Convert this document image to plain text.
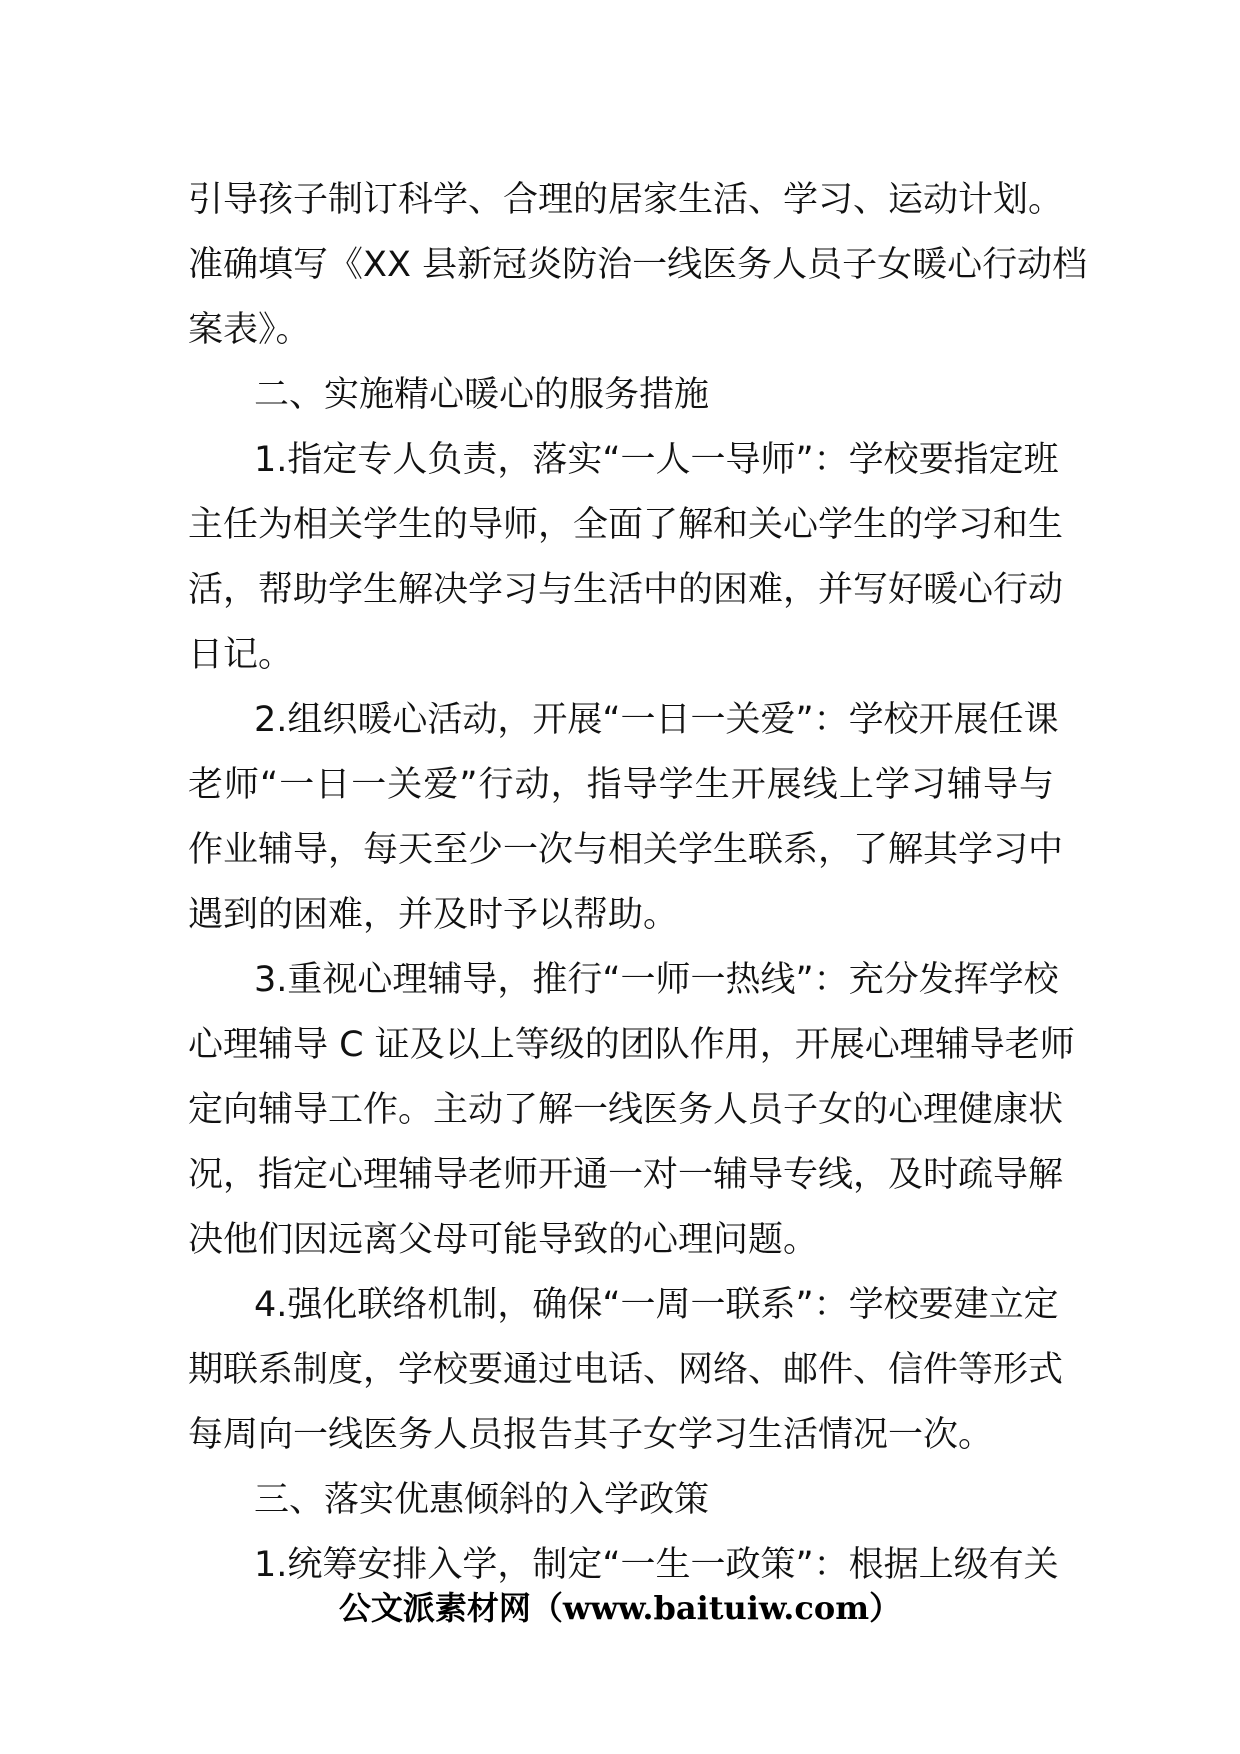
引导孩子制订科学、合理的居家生活、学习、运动计划。
准确填写《XX 县新冠炎防治一线医务人员子女暖心行动档
案表》。
二、实施精心暖心的服务措施
1.指定专人负责，落实“一人一导师”：学校要指定班
主任为相关学生的导师，全面了解和关心学生的学习和生
活，帮助学生解决学习与生活中的困难，并写好暖心行动
日记。
2.组织暖心活动，开展“一日一关爱”：学校开展任课
老师“一日一关爱”行动，指导学生开展线上学习辅导与
作业辅导，每天至少一次与相关学生联系，了解其学习中
遇到的困难，并及时予以帮助。
3.重视心理辅导，推行“一师一热线”：充分发挥学校
心理辅导 C 证及以上等级的团队作用，开展心理辅导老师
定向辅导工作。主动了解一线医务人员子女的心理健康状
况，指定心理辅导老师开通一对一辅导专线，及时疏导解
决他们因远离父母可能导致的心理问题。
4.强化联络机制，确保“一周一联系”：学校要建立定
期联系制度，学校要通过电话、网络、邮件、信件等形式
每周向一线医务人员报告其子女学习生活情况一次。
三、落实优惠倾斜的入学政策
1.统筹安排入学，制定“一生一政策”：根据上级有关
公文派素材网（www.baituiw.com）
